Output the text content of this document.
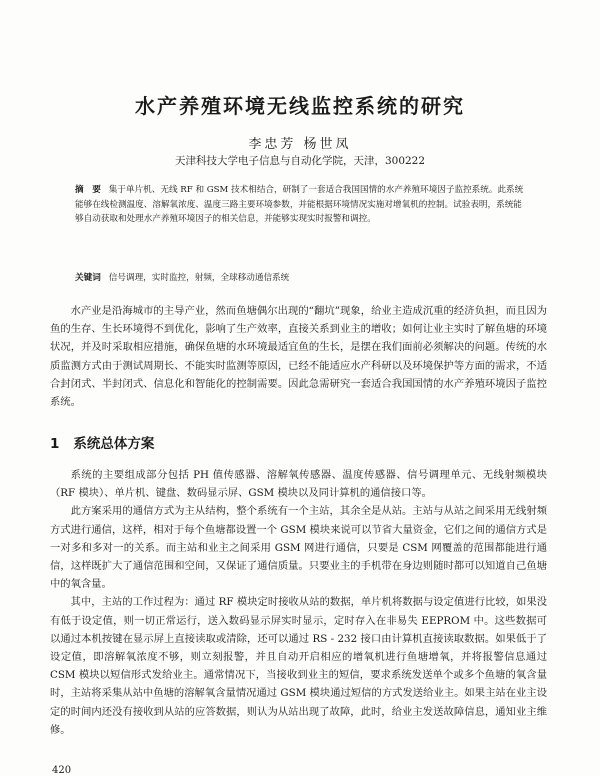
水产养殖环境无线监控系统的研究
李忠芳 杨世凤
天津科技大学电子信息与自动化学院，天津，300222
摘　要 集于单片机、无线 RF 和 GSM 技术相结合，研制了一套适合我国国情的水产养殖环境因子监控系统。此系统能够在线检测温度、溶解氧浓度、温度三路主要环境参数，并能根据环境情况实施对增氧机的控制。试验表明，系统能够自动获取和处理水产养殖环境因子的相关信息，并能够实现实时报警和调控。
关键词 信号调理，实时监控，射频，全球移动通信系统
水产业是沿海城市的主导产业，然而鱼塘偶尔出现的“翻坑”现象，给业主造成沉重的经济负担，而且因为鱼的生存、生长环境得不到优化，影响了生产效率，直接关系到业主的增收；如何让业主实时了解鱼塘的环境状况，并及时采取相应措施，确保鱼塘的水环境最适宜鱼的生长，是摆在我们面前必须解决的问题。传统的水质监测方式由于测试周期长、不能实时监测等原因，已经不能适应水产科研以及环境保护等方面的需求，不适合封闭式、半封闭式、信息化和智能化的控制需要。因此急需研究一套适合我国国情的水产养殖环境因子监控系统。
1 系统总体方案

系统的主要组成部分包括 PH 值传感器、溶解氧传感器、温度传感器、信号调理单元、无线射频模块（RF 模块）、单片机、键盘、数码显示屏、GSM 模块以及同计算机的通信接口等。

此方案采用的通信方式为主从结构，整个系统有一个主站，其余全是从站。主站与从站之间采用无线射频方式进行通信，这样，相对于每个鱼塘都设置一个 GSM 模块来说可以节省大量资金，它们之间的通信方式是一对多和多对一的关系。而主站和业主之间采用 GSM 网进行通信，只要是 CSM 网覆盖的范围都能进行通信，这样既扩大了通信范围和空间，又保证了通信质量。只要业主的手机带在身边则随时都可以知道自己鱼塘中的氧含量。

其中，主站的工作过程为：通过 RF 模块定时接收从站的数据，单片机将数据与设定值进行比较，如果没有低于设定值，则一切正常运行，送入数码显示屏实时显示，定时存入在非易失 EEPROM 中。这些数据可以通过本机按键在显示屏上直接读取或清除，还可以通过 RS - 232 接口由计算机直接读取数据。如果低于了设定值，即溶解氧浓度不够，则立刻报警，并且自动开启相应的增氧机进行鱼塘增氧，并将报警信息通过 CSM 模块以短信形式发给业主。通常情况下，当接收到业主的短信，要求系统发送单个或多个鱼塘的氧含量时，主站将采集从站中鱼塘的溶解氧含量情况通过 GSM 模块通过短信的方式发送给业主。如果主站在业主设定的时间内还没有接收到从站的应答数据，则认为从站出现了故障，此时，给业主发送故障信息，通知业主维修。

420
